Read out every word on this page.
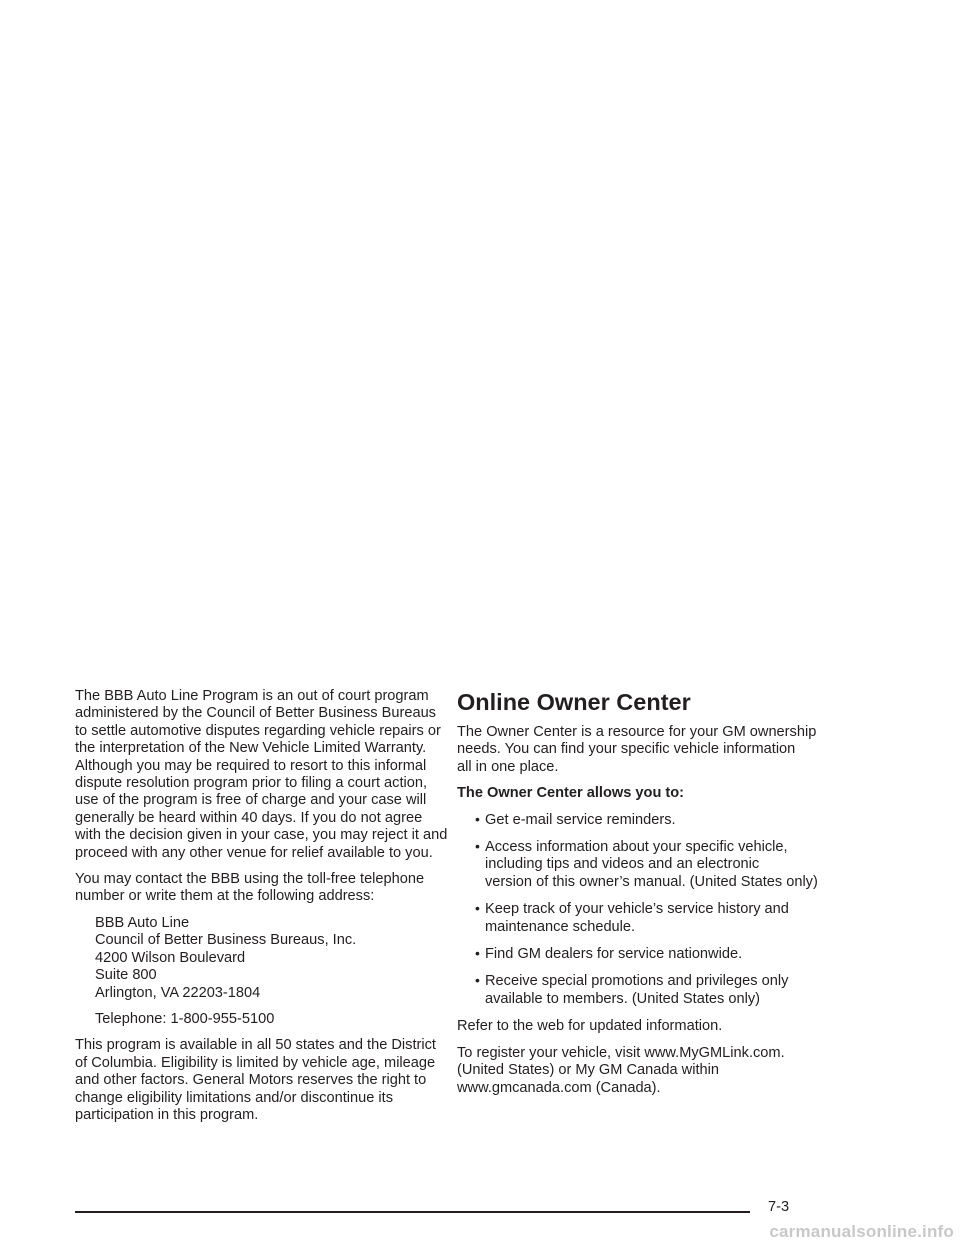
The BBB Auto Line Program is an out of court program
administered by the Council of Better Business Bureaus
to settle automotive disputes regarding vehicle repairs or
the interpretation of the New Vehicle Limited Warranty.
Although you may be required to resort to this informal
dispute resolution program prior to filing a court action,
use of the program is free of charge and your case will
generally be heard within 40 days. If you do not agree
with the decision given in your case, you may reject it and
proceed with any other venue for relief available to you.

You may contact the BBB using the toll-free telephone
number or write them at the following address:

BBB Auto Line
Council of Better Business Bureaus, Inc.
4200 Wilson Boulevard
Suite 800
Arlington, VA 22203-1804
Telephone: 1-800-955-5100

This program is available in all 50 states and the District
of Columbia. Eligibility is limited by vehicle age, mileage
and other factors. General Motors reserves the right to
change eligibility limitations and/or discontinue its
participation in this program.

Online Owner Center

The Owner Center is a resource for your GM ownership
needs. You can find your specific vehicle information
all in one place.

The Owner Center allows you to:

• Get e-mail service reminders.
• Access information about your specific vehicle,
including tips and videos and an electronic
version of this owner’s manual. (United States only)
• Keep track of your vehicle’s service history and
maintenance schedule.
• Find GM dealers for service nationwide.
• Receive special promotions and privileges only
available to members. (United States only)

Refer to the web for updated information.

To register your vehicle, visit www.MyGMLink.com.
(United States) or My GM Canada within
www.gmcanada.com (Canada).

7-3
carmanualsonline.info
